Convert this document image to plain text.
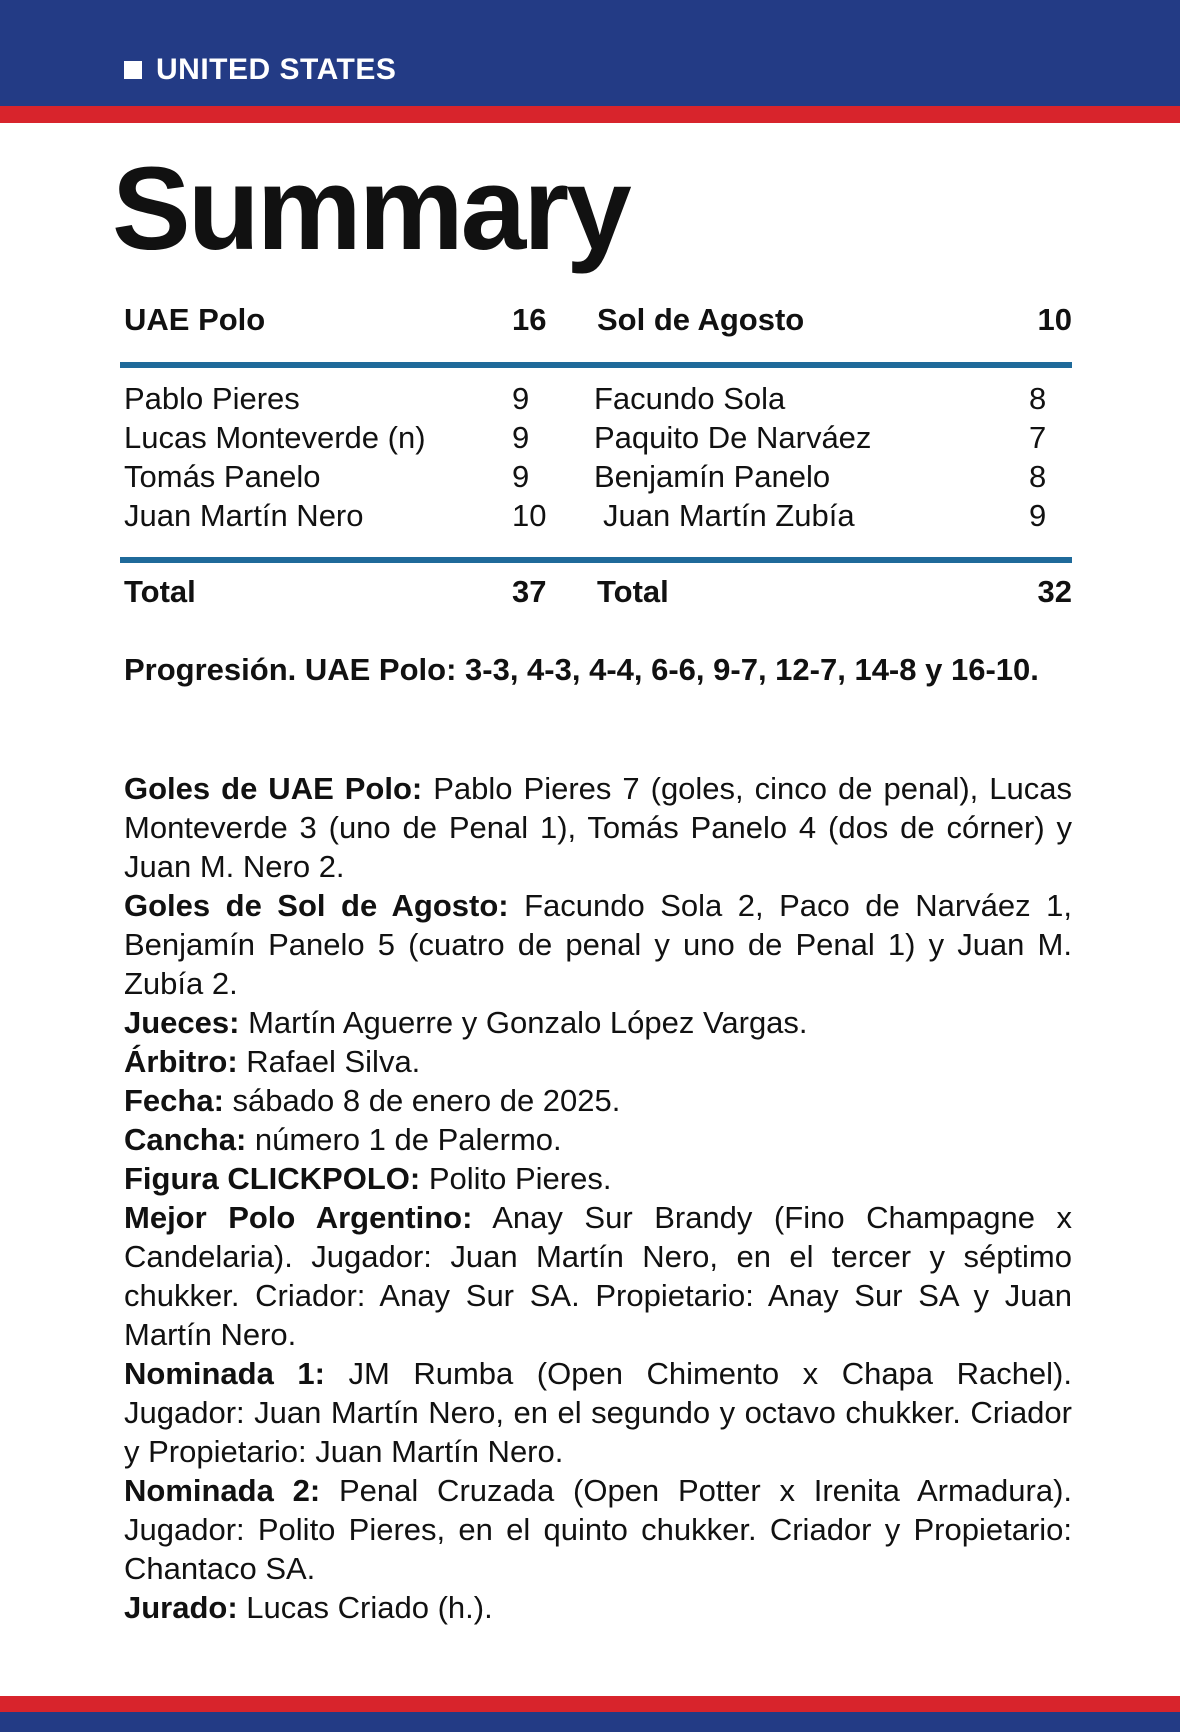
UNITED STATES
Summary
UAE Polo	16 Sol de Agosto	10
Pablo Pieres	9 Facundo Sola	8
Lucas Monteverde (n)	9 Paquito De Narváez	7
Tomás Panelo	9 Benjamín Panelo	8
Juan Martín Nero	10 Juan Martín Zubía	9
Total	37 Total	32
Progresión. UAE Polo: 3-3, 4-3, 4-4, 6-6, 9-7, 12-7, 14-8 y 16-10.

Goles de UAE Polo: Pablo Pieres 7 (goles, cinco de penal), Lucas Monteverde 3 (uno de Penal 1), Tomás Panelo 4 (dos de córner) y Juan M. Nero 2.

Goles de Sol de Agosto: Facundo Sola 2, Paco de Narváez 1, Benjamín Panelo 5 (cuatro de penal y uno de Penal 1) y Juan M. Zubía 2.

Jueces: Martín Aguerre y Gonzalo López Vargas.

Árbitro: Rafael Silva.

Fecha: sábado 8 de enero de 2025.

Cancha: número 1 de Palermo.

Figura CLICKPOLO: Polito Pieres.

Mejor Polo Argentino: Anay Sur Brandy (Fino Champagne x Candelaria). Jugador: Juan Martín Nero, en el tercer y séptimo chukker. Criador: Anay Sur SA. Propietario: Anay Sur SA y Juan Martín Nero.

Nominada 1: JM Rumba (Open Chimento x Chapa Rachel). Jugador: Juan Martín Nero, en el segundo y octavo chukker. Criador y Propietario: Juan Martín Nero.

Nominada 2: Penal Cruzada (Open Potter x Irenita Armadura). Jugador: Polito Pieres, en el quinto chukker. Criador y Propietario: Chantaco SA.

Jurado: Lucas Criado (h.).
